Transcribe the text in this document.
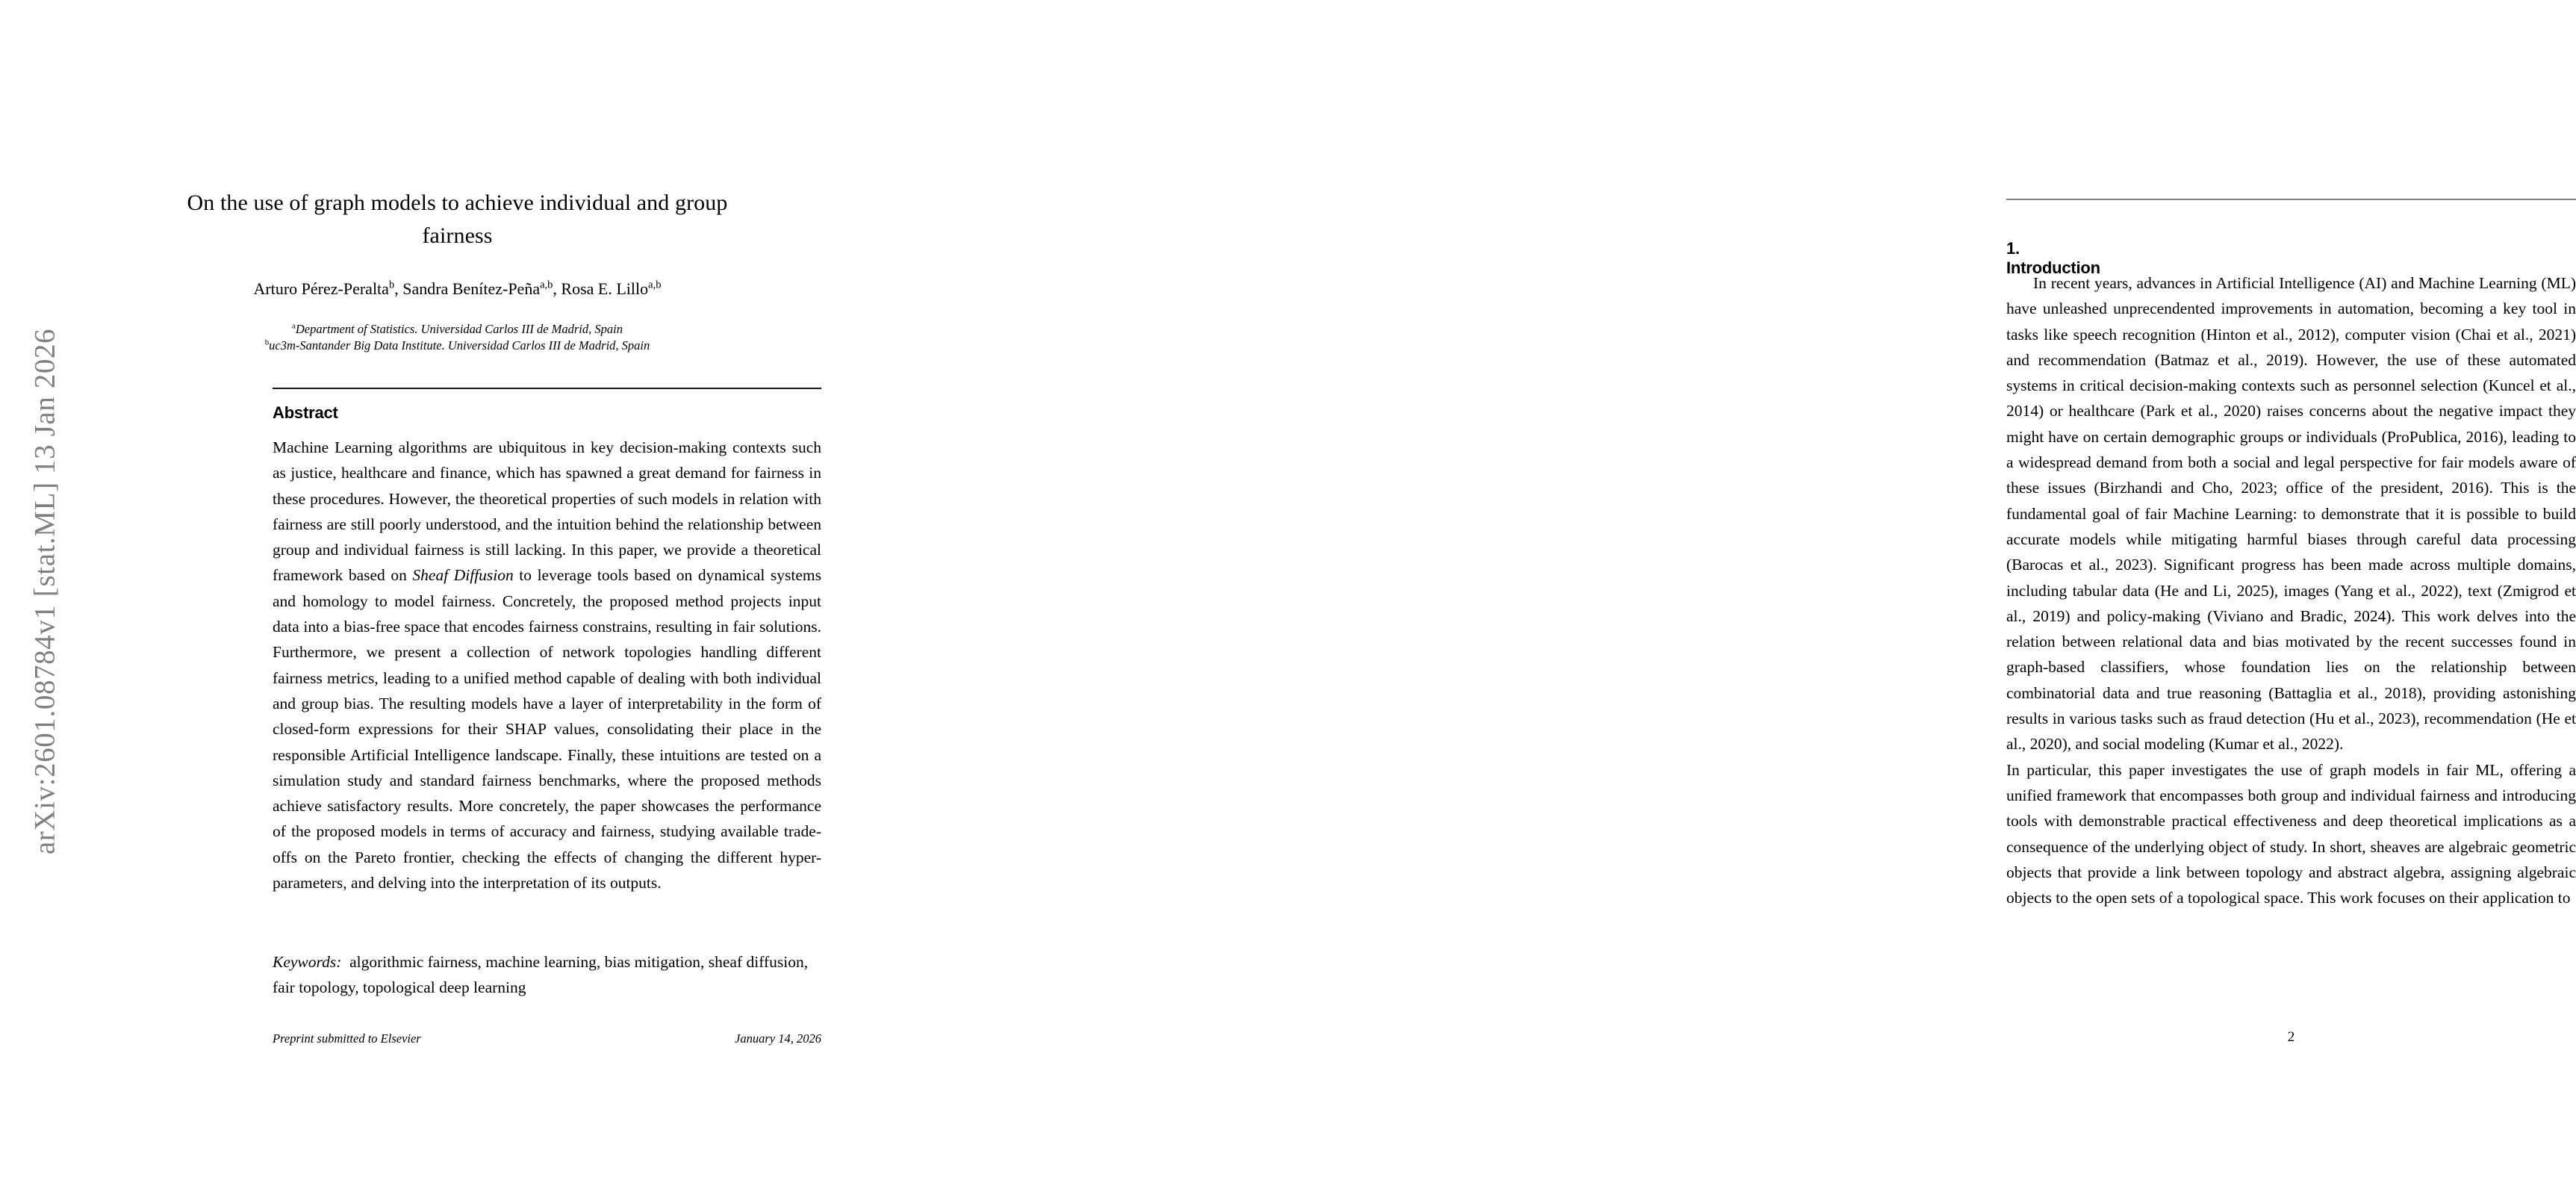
arXiv:2601.08784v1 [stat.ML] 13 Jan 2026
On the use of graph models to achieve individual and group fairness
Arturo Pérez-Peralta$^b$, Sandra Benítez-Peña$^{a,b}$, Rosa E. Lillo$^{a,b}$
$^a$Department of Statistics. Universidad Carlos III de Madrid, Spain
$^b$uc3m-Santander Big Data Institute. Universidad Carlos III de Madrid, Spain
Abstract

Machine Learning algorithms are ubiquitous in key decision-making contexts such as justice, healthcare and finance, which has spawned a great demand for fairness in these procedures. However, the theoretical properties of such models in relation with fairness are still poorly understood, and the intuition behind the relationship between group and individual fairness is still lacking. In this paper, we provide a theoretical framework based on Sheaf Diffusion to leverage tools based on dynamical systems and homology to model fairness. Concretely, the proposed method projects input data into a bias-free space that encodes fairness constrains, resulting in fair solutions. Furthermore, we present a collection of network topologies handling different fairness metrics, leading to a unified method capable of dealing with both individual and group bias. The resulting models have a layer of interpretability in the form of closed-form expressions for their SHAP values, consolidating their place in the responsible Artificial Intelligence landscape. Finally, these intuitions are tested on a simulation study and standard fairness benchmarks, where the proposed methods achieve satisfactory results. More concretely, the paper showcases the performance of the proposed models in terms of accuracy and fairness, studying available trade-offs on the Pareto frontier, checking the effects of changing the different hyper-parameters, and delving into the interpretation of its outputs.

Keywords: algorithmic fairness, machine learning, bias mitigation, sheaf diffusion, fair topology, topological deep learning
Preprint submitted to Elsevier	January 14, 2026
1. Introduction

In recent years, advances in Artificial Intelligence (AI) and Machine Learning (ML) have unleashed unprecendented improvements in automation, becoming a key tool in tasks like speech recognition (Hinton et al., 2012), computer vision (Chai et al., 2021) and recommendation (Batmaz et al., 2019). However, the use of these automated systems in critical decision-making contexts such as personnel selection (Kuncel et al., 2014) or healthcare (Park et al., 2020) raises concerns about the negative impact they might have on certain demographic groups or individuals (ProPublica, 2016), leading to a widespread demand from both a social and legal perspective for fair models aware of these issues (Birzhandi and Cho, 2023; office of the president, 2016). This is the fundamental goal of fair Machine Learning: to demonstrate that it is possible to build accurate models while mitigating harmful biases through careful data processing (Barocas et al., 2023). Significant progress has been made across multiple domains, including tabular data (He and Li, 2025), images (Yang et al., 2022), text (Zmigrod et al., 2019) and policy-making (Viviano and Bradic, 2024). This work delves into the relation between relational data and bias motivated by the recent successes found in graph-based classifiers, whose foundation lies on the relationship between combinatorial data and true reasoning (Battaglia et al., 2018), providing astonishing results in various tasks such as fraud detection (Hu et al., 2023), recommendation (He et al., 2020), and social modeling (Kumar et al., 2022).

In particular, this paper investigates the use of graph models in fair ML, offering a unified framework that encompasses both group and individual fairness and introducing tools with demonstrable practical effectiveness and deep theoretical implications as a consequence of the underlying object of study. In short, sheaves are algebraic geometric objects that provide a link between topology and abstract algebra, assigning algebraic objects to the open sets of a topological space. This work focuses on their application to

2
